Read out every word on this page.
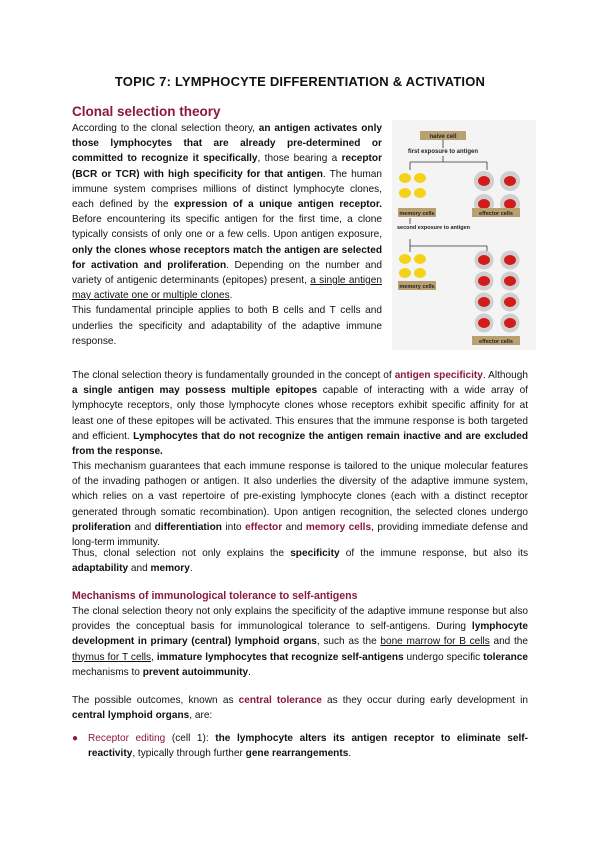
TOPIC 7: LYMPHOCYTE DIFFERENTIATION & ACTIVATION
Clonal selection theory
According to the clonal selection theory, an antigen activates only those lymphocytes that are already pre-determined or committed to recognize it specifically, those bearing a receptor (BCR or TCR) with high specificity for that antigen. The human immune system comprises millions of distinct lymphocyte clones, each defined by the expression of a unique antigen receptor. Before encountering its specific antigen for the first time, a clone typically consists of only one or a few cells. Upon antigen exposure, only the clones whose receptors match the antigen are selected for activation and proliferation. Depending on the number and variety of antigenic determinants (epitopes) present, a single antigen may activate one or multiple clones.
This fundamental principle applies to both B cells and T cells and underlies the specificity and adaptability of the adaptive immune response.
naive cell
first exposure to antigen
memory cells	effector cells
second exposure to antigen
memory cells
effector cells
The clonal selection theory is fundamentally grounded in the concept of antigen specificity. Although a single antigen may possess multiple epitopes capable of interacting with a wide array of lymphocyte receptors, only those lymphocyte clones whose receptors exhibit specific affinity for at least one of these epitopes will be activated. This ensures that the immune response is both targeted and efficient. Lymphocytes that do not recognize the antigen remain inactive and are excluded from the response.
This mechanism guarantees that each immune response is tailored to the unique molecular features of the invading pathogen or antigen. It also underlies the diversity of the adaptive immune system, which relies on a vast repertoire of pre-existing lymphocyte clones (each with a distinct receptor generated through somatic recombination). Upon antigen recognition, the selected clones undergo proliferation and differentiation into effector and memory cells, providing immediate defense and long-term immunity.
Thus, clonal selection not only explains the specificity of the immune response, but also its adaptability and memory.
Mechanisms of immunological tolerance to self-antigens
The clonal selection theory not only explains the specificity of the adaptive immune response but also provides the conceptual basis for immunological tolerance to self-antigens. During lymphocyte development in primary (central) lymphoid organs, such as the bone marrow for B cells and the thymus for T cells, immature lymphocytes that recognize self-antigens undergo specific tolerance mechanisms to prevent autoimmunity.
The possible outcomes, known as central tolerance as they occur during early development in central lymphoid organs, are:
● Receptor editing (cell 1): the lymphocyte alters its antigen receptor to eliminate self-reactivity, typically through further gene rearrangements.
